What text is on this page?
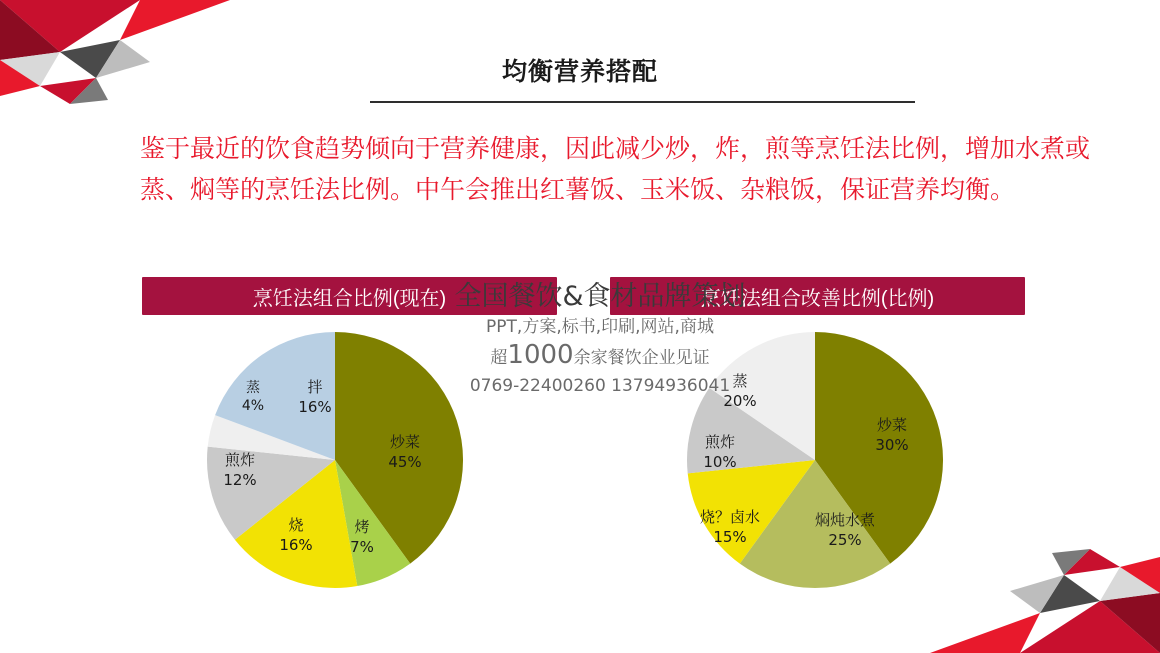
均衡营养搭配
鉴于最近的饮食趋势倾向于营养健康，因此减少炒，炸，煎等烹饪法比例，增加水煮或蒸、焖等的烹饪法比例。中午会推出红薯饭、玉米饭、杂粮饭，保证营养均衡。
烹饪法组合比例(现在)	烹饪法组合改善比例(比例)
炒菜
45%
烤
7%
烧
16%
煎炸
12%
蒸
4%
拌
16%
炒菜
30%
焖炖水煮
25%
烧？卤水
15%
煎炸
10%
蒸
20%
全国餐饮&食材品牌策划
PPT,方案,标书,印刷,网站,商城
超1000余家餐饮企业见证
0769-22400260 13794936041
